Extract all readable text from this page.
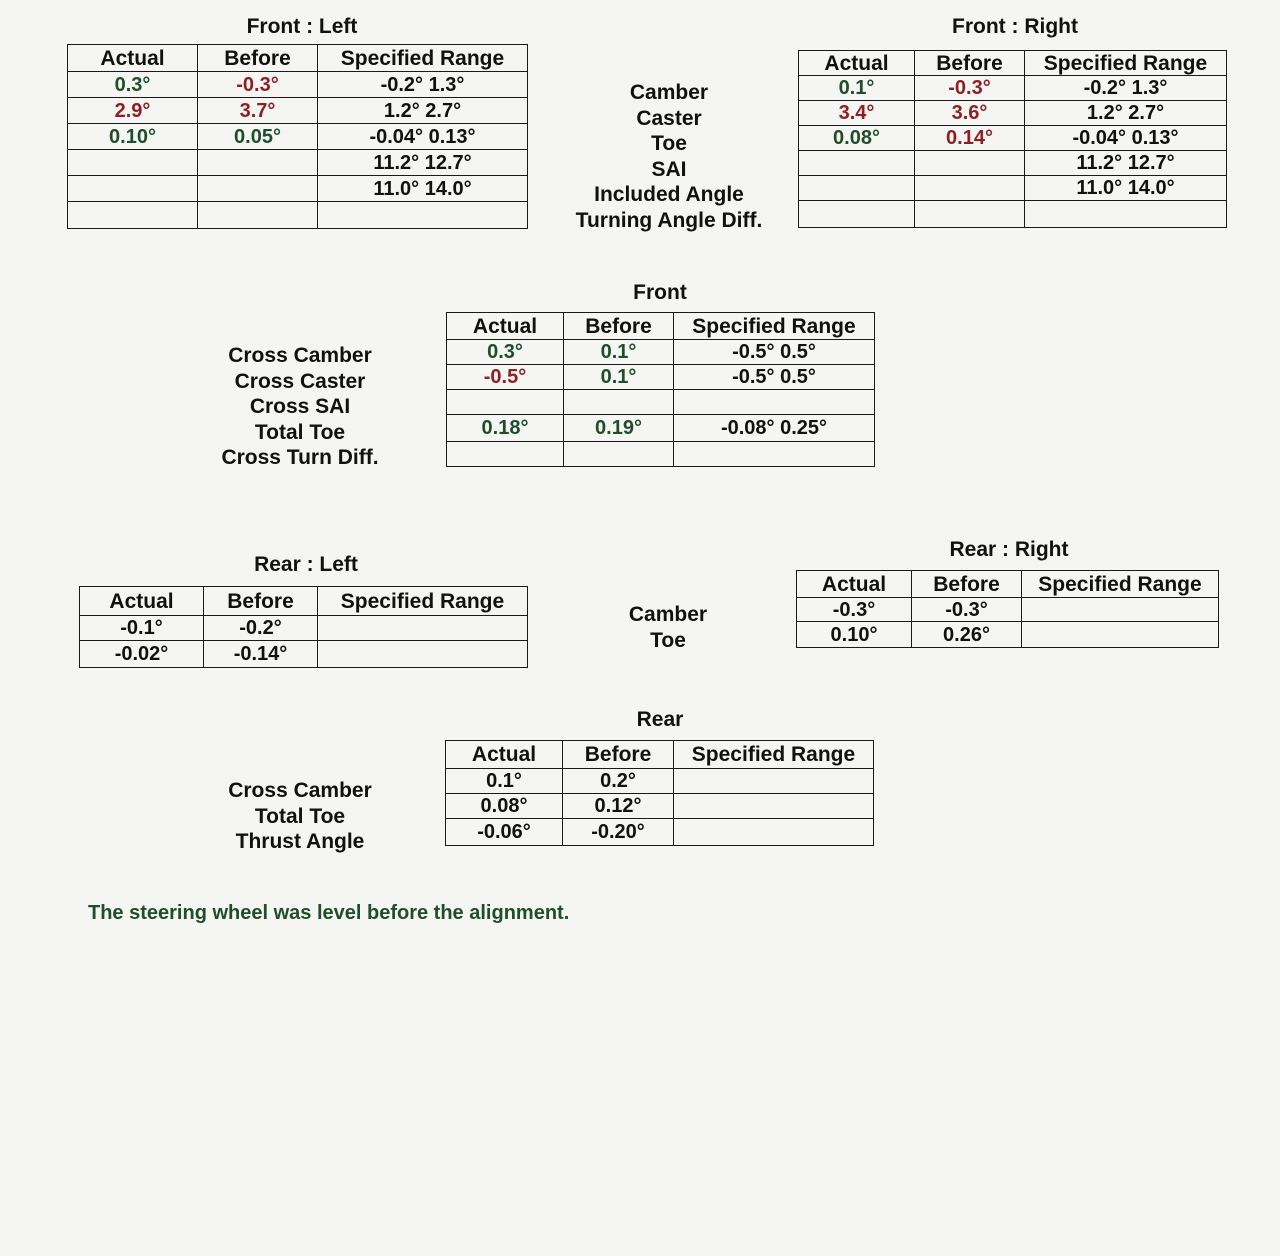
Front : Left
Actual	Before	Specified Range
0.3°	-0.3°	-0.2° 1.3°
2.9°	3.7°	1.2° 2.7°
0.10°	0.05°	-0.04° 0.13°
		11.2° 12.7°
		11.0° 14.0°

Camber
Caster
Toe
SAI
Included Angle
Turning Angle Diff.
Front : Right
Actual	Before	Specified Range
0.1°	-0.3°	-0.2° 1.3°
3.4°	3.6°	1.2° 2.7°
0.08°	0.14°	-0.04° 0.13°
		11.2° 12.7°
		11.0° 14.0°

Front
Cross Camber
Cross Caster
Cross SAI
Total Toe
Cross Turn Diff.
Actual	Before	Specified Range
0.3°	0.1°	-0.5° 0.5°
-0.5°	0.1°	-0.5° 0.5°

0.18°	0.19°	-0.08° 0.25°

Rear : Left
Actual	Before	Specified Range
-0.1°	-0.2°	
-0.02°	-0.14°	
Camber
Toe
Rear : Right
Actual	Before	Specified Range
-0.3°	-0.3°	
0.10°	0.26°	
Rear
Cross Camber
Total Toe
Thrust Angle
Actual	Before	Specified Range
0.1°	0.2°	
0.08°	0.12°	
-0.06°	-0.20°	
The steering wheel was level before the alignment.
